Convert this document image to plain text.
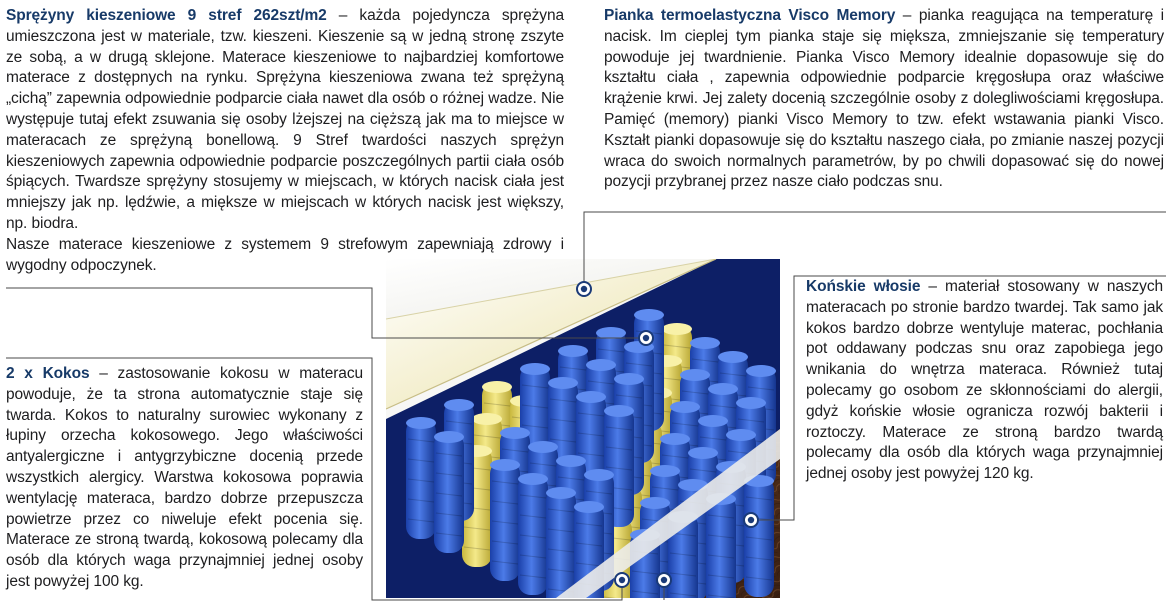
Sprężyny kieszeniowe 9 stref 262szt/m2 – każda pojedyncza sprężyna umieszczona jest w materiale, tzw. kieszeni. Kieszenie są w jedną stronę zszyte ze sobą, a w drugą sklejone. Materace kieszeniowe to najbardziej komfortowe materace z dostępnych na rynku. Sprężyna kieszeniowa zwana też sprężyną „cichą” zapewnia odpowiednie podparcie ciała nawet dla osób o różnej wadze. Nie występuje tutaj efekt zsuwania się osoby lżejszej na cięższą jak ma to miejsce w materacach ze sprężyną bonellową. 9 Stref twardości naszych sprężyn kieszeniowych zapewnia odpowiednie podparcie poszczególnych partii ciała osób śpiących. Twardsze sprężyny stosujemy w miejscach, w których nacisk ciała jest mniejszy jak np. lędźwie, a miększe w miejscach w których nacisk jest większy, np. biodra.
Nasze materace kieszeniowe z systemem 9 strefowym zapewniają zdrowy i wygodny odpoczynek.

Pianka termoelastyczna Visco Memory – pianka reagująca na temperaturę i nacisk. Im cieplej tym pianka staje się miększa, zmniejszanie się temperatury powoduje jej twardnienie. Pianka Visco Memory idealnie dopasowuje się do kształtu ciała , zapewnia odpowiednie podparcie kręgosłupa oraz właściwe krążenie krwi. Jej zalety docenią szczególnie osoby z dolegliwościami kręgosłupa. Pamięć (memory) pianki Visco Memory to tzw. efekt wstawania pianki Visco. Kształt pianki dopasowuje się do kształtu naszego ciała, po zmianie naszej pozycji wraca do swoich normalnych parametrów, by po chwili dopasować się do nowej pozycji przybranej przez nasze ciało podczas snu.

Końskie włosie – materiał stosowany w naszych materacach po stronie bardzo twardej. Tak samo jak kokos bardzo dobrze wentyluje materac, pochłania pot oddawany podczas snu oraz zapobiega jego wnikania do wnętrza materaca. Również tutaj polecamy go osobom ze skłonnościami do alergii, gdyż końskie włosie ogranicza rozwój bakterii i roztoczy. Materace ze stroną bardzo twardą polecamy dla osób dla których waga przynajmniej jednej osoby jest powyżej 120 kg.

2 x Kokos – zastosowanie kokosu w materacu powoduje, że ta strona automatycznie staje się twarda. Kokos to naturalny surowiec wykonany z łupiny orzecha kokosowego. Jego właściwości antyalergiczne i antygrzybiczne docenią przede wszystkich alergicy. Warstwa kokosowa poprawia wentylację materaca, bardzo dobrze przepuszcza powietrze przez co niweluje efekt pocenia się. Materace ze stroną twardą, kokosową polecamy dla osób dla których waga przynajmniej jednej osoby jest powyżej 100 kg.
